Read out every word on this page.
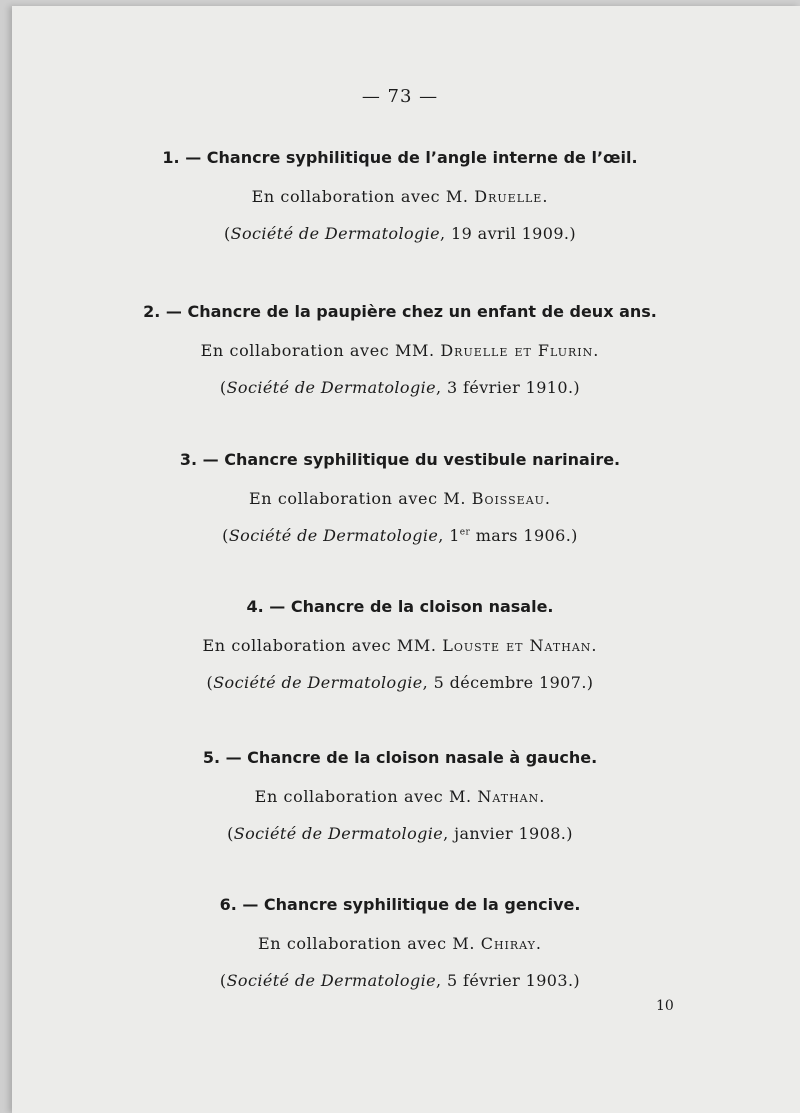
— 73 —
1. — Chancre syphilitique de l’angle interne de l’œil.
En collaboration avec M. Druelle.
(Société de Dermatologie, 19 avril 1909.)
2. — Chancre de la paupière chez un enfant de deux ans.
En collaboration avec MM. Druelle et Flurin.
(Société de Dermatologie, 3 février 1910.)
3. — Chancre syphilitique du vestibule narinaire.
En collaboration avec M. Boisseau.
(Société de Dermatologie, 1er mars 1906.)
4. — Chancre de la cloison nasale.
En collaboration avec MM. Louste et Nathan.
(Société de Dermatologie, 5 décembre 1907.)
5. — Chancre de la cloison nasale à gauche.
En collaboration avec M. Nathan.
(Société de Dermatologie, janvier 1908.)
6. — Chancre syphilitique de la gencive.
En collaboration avec M. Chiray.
(Société de Dermatologie, 5 février 1903.)
10
